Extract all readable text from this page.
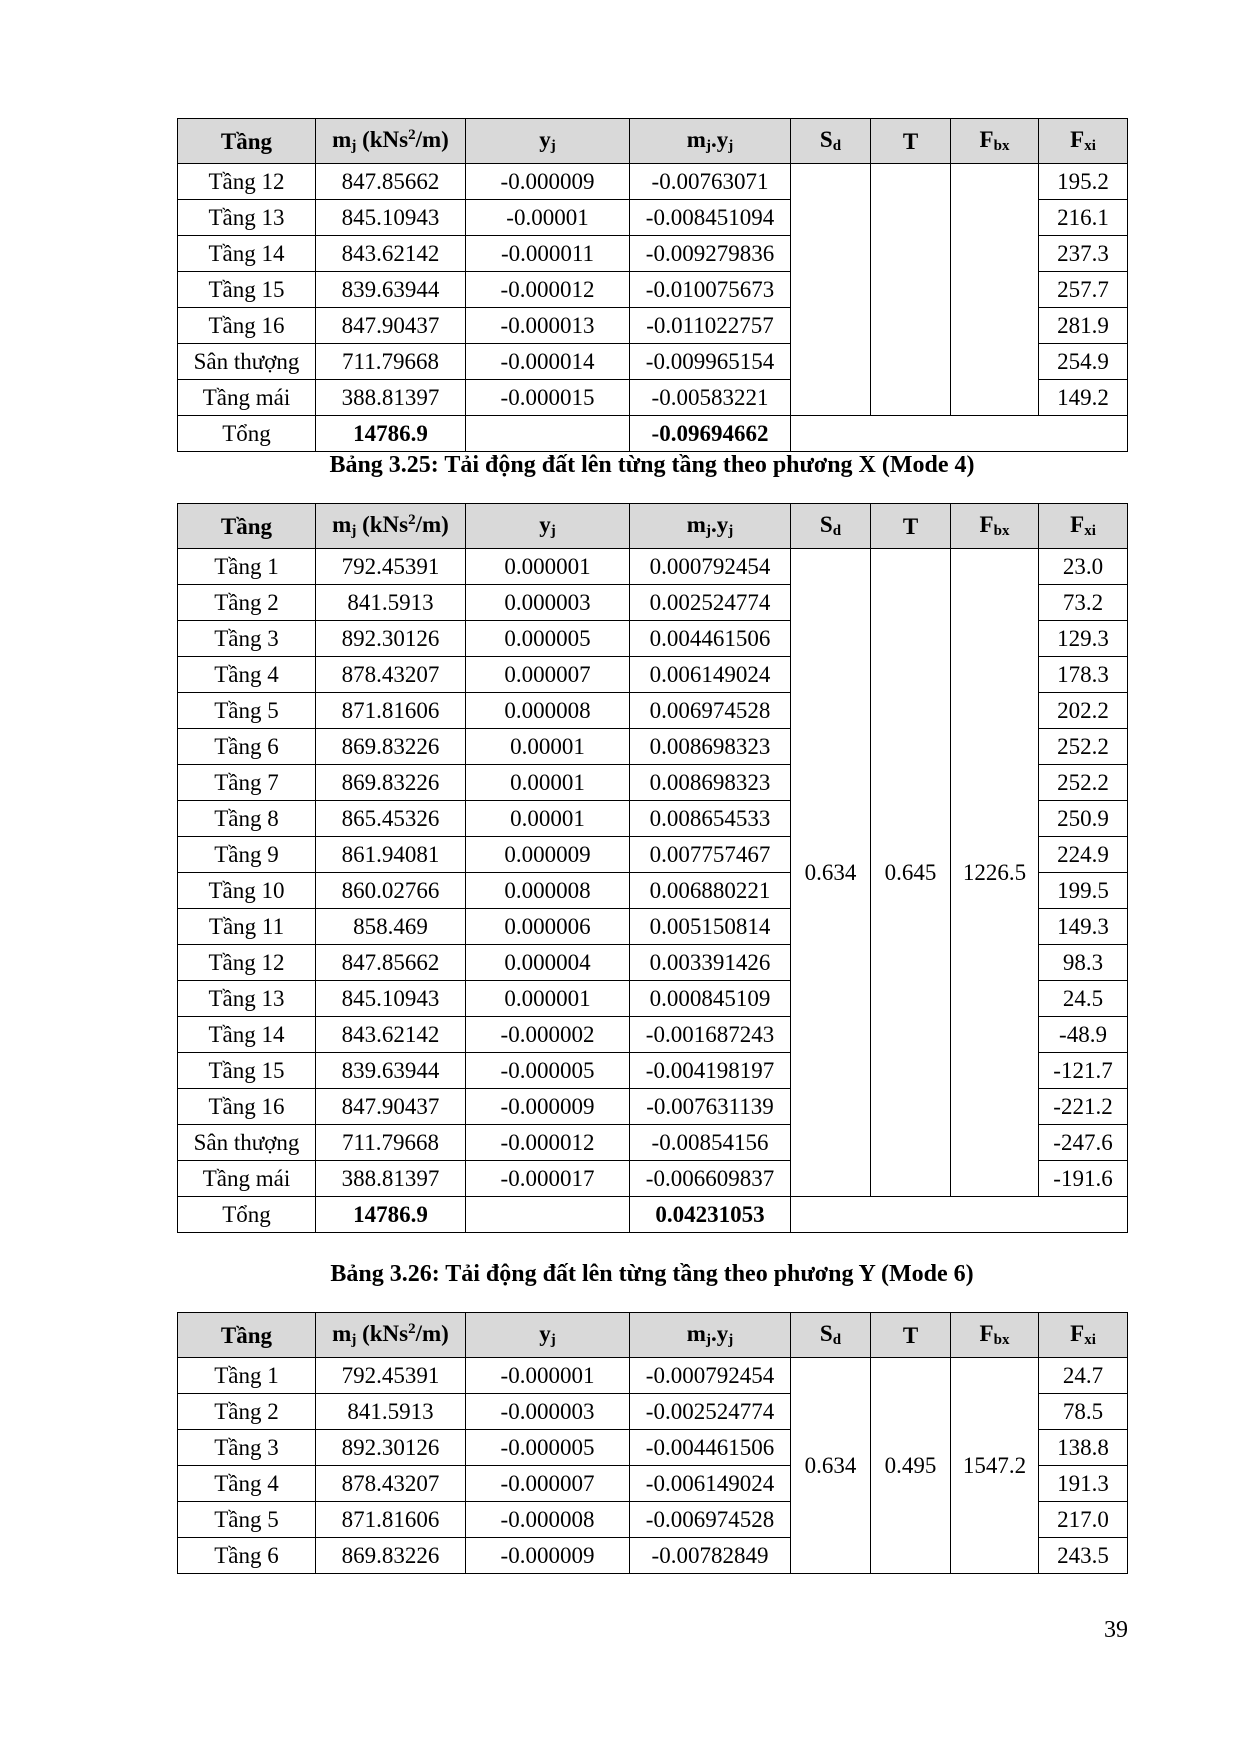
Tầng	$m_j$ (kNs$^2$/m)	$y_j$	$m_j.y_j$	$S_d$	T	$F_{bx}$	$F_{xi}$
Tầng 12	847.85662	-0.000009	-0.00763071				195.2
Tầng 13	845.10943	-0.00001	-0.008451094				216.1
Tầng 14	843.62142	-0.000011	-0.009279836				237.3
Tầng 15	839.63944	-0.000012	-0.010075673				257.7
Tầng 16	847.90437	-0.000013	-0.011022757				281.9
Sân thượng	711.79668	-0.000014	-0.009965154				254.9
Tầng mái	388.81397	-0.000015	-0.00583221				149.2
Tổng	14786.9		-0.09694662				
Bảng 3.25: Tải động đất lên từng tầng theo phương X (Mode 4)
Tầng	$m_j$ (kNs$^2$/m)	$y_j$	$m_j.y_j$	$S_d$	T	$F_{bx}$	$F_{xi}$
Tầng 1	792.45391	0.000001	0.000792454	0.634	0.645	1226.5	23.0
Tầng 2	841.5913	0.000003	0.002524774				73.2
Tầng 3	892.30126	0.000005	0.004461506				129.3
Tầng 4	878.43207	0.000007	0.006149024				178.3
Tầng 5	871.81606	0.000008	0.006974528				202.2
Tầng 6	869.83226	0.00001	0.008698323				252.2
Tầng 7	869.83226	0.00001	0.008698323				252.2
Tầng 8	865.45326	0.00001	0.008654533				250.9
Tầng 9	861.94081	0.000009	0.007757467				224.9
Tầng 10	860.02766	0.000008	0.006880221				199.5
Tầng 11	858.469	0.000006	0.005150814				149.3
Tầng 12	847.85662	0.000004	0.003391426				98.3
Tầng 13	845.10943	0.000001	0.000845109				24.5
Tầng 14	843.62142	-0.000002	-0.001687243				-48.9
Tầng 15	839.63944	-0.000005	-0.004198197				-121.7
Tầng 16	847.90437	-0.000009	-0.007631139				-221.2
Sân thượng	711.79668	-0.000012	-0.00854156				-247.6
Tầng mái	388.81397	-0.000017	-0.006609837				-191.6
Tổng	14786.9		0.04231053				
Bảng 3.26: Tải động đất lên từng tầng theo phương Y (Mode 6)
Tầng	$m_j$ (kNs$^2$/m)	$y_j$	$m_j.y_j$	$S_d$	T	$F_{bx}$	$F_{xi}$
Tầng 1	792.45391	-0.000001	-0.000792454	0.634	0.495	1547.2	24.7
Tầng 2	841.5913	-0.000003	-0.002524774				78.5
Tầng 3	892.30126	-0.000005	-0.004461506				138.8
Tầng 4	878.43207	-0.000007	-0.006149024				191.3
Tầng 5	871.81606	-0.000008	-0.006974528				217.0
Tầng 6	869.83226	-0.000009	-0.00782849				243.5
39
